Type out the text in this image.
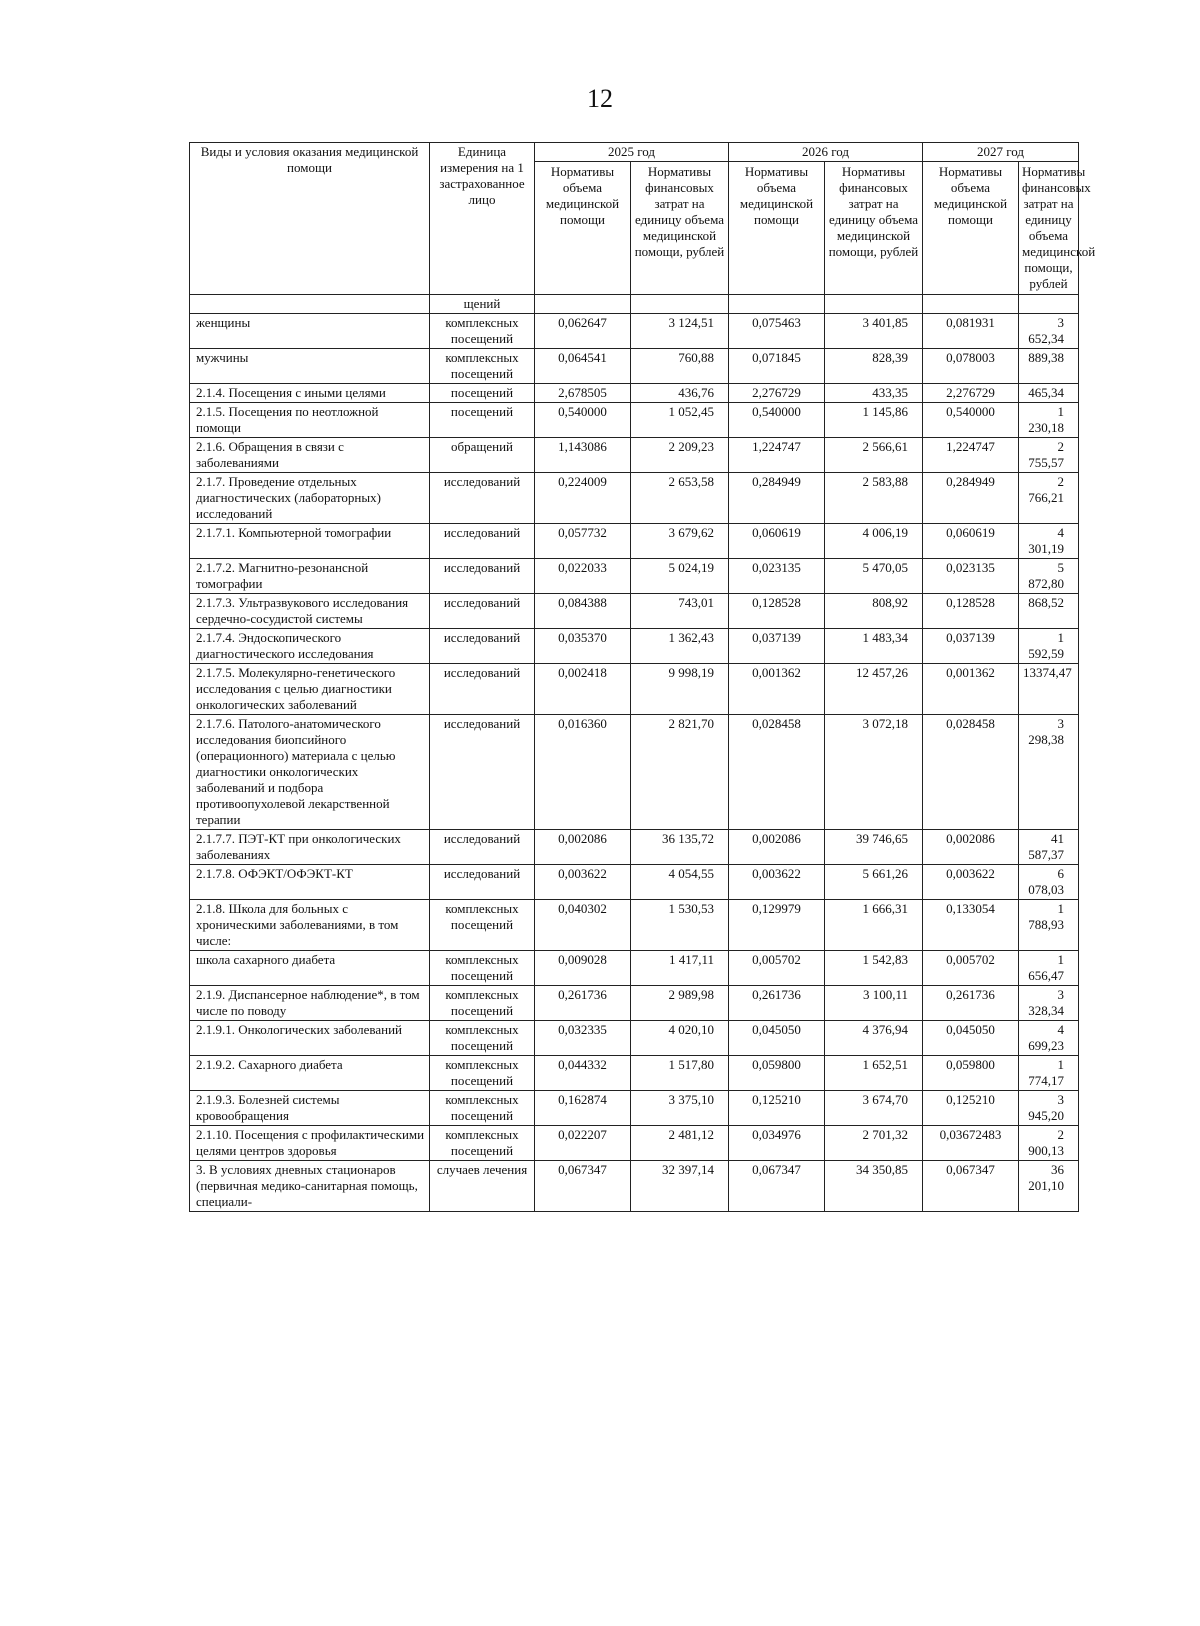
12
Виды и условия оказания медицинской помощи	Единица измерения на 1 застрахованное лицо	2025 год		2026 год		2027 год	
		Нормативы объема медицинской помощи	Нормативы финансовых затрат на единицу объема медицинской помощи, рублей	Нормативы объема медицинской помощи	Нормативы финансовых затрат на единицу объема медицинской помощи, рублей	Нормативы объема медицинской помощи	Нормативы финансовых затрат на единицу объема медицинской помощи, рублей
	щений						
женщины	комплексных посещений	0,062647	3 124,51	0,075463	3 401,85	0,081931	3 652,34
мужчины	комплексных посещений	0,064541	760,88	0,071845	828,39	0,078003	889,38
2.1.4. Посещения с иными целями	посещений	2,678505	436,76	2,276729	433,35	2,276729	465,34
2.1.5. Посещения по неотложной помощи	посещений	0,540000	1 052,45	0,540000	1 145,86	0,540000	1 230,18
2.1.6. Обращения в связи с заболеваниями	обращений	1,143086	2 209,23	1,224747	2 566,61	1,224747	2 755,57
2.1.7. Проведение отдельных диагностических (лабораторных) исследований	исследований	0,224009	2 653,58	0,284949	2 583,88	0,284949	2 766,21
2.1.7.1. Компьютерной томографии	исследований	0,057732	3 679,62	0,060619	4 006,19	0,060619	4 301,19
2.1.7.2. Магнитно-резонансной томографии	исследований	0,022033	5 024,19	0,023135	5 470,05	0,023135	5 872,80
2.1.7.3. Ультразвукового исследования сердечно-сосудистой системы	исследований	0,084388	743,01	0,128528	808,92	0,128528	868,52
2.1.7.4. Эндоскопического диагностического исследования	исследований	0,035370	1 362,43	0,037139	1 483,34	0,037139	1 592,59
2.1.7.5. Молекулярно-генетического исследования с целью диагностики онкологических заболеваний	исследований	0,002418	9 998,19	0,001362	12 457,26	0,001362	13374,47
2.1.7.6. Патолого-анатомического исследования биопсийного (операционного) материала с целью диагностики онкологических заболеваний и подбора противоопухолевой лекарственной терапии	исследований	0,016360	2 821,70	0,028458	3 072,18	0,028458	3 298,38
2.1.7.7. ПЭТ-КТ при онкологических заболеваниях	исследований	0,002086	36 135,72	0,002086	39 746,65	0,002086	41 587,37
2.1.7.8. ОФЭКТ/ОФЭКТ-КТ	исследований	0,003622	4 054,55	0,003622	5 661,26	0,003622	6 078,03
2.1.8. Школа для больных с хроническими заболеваниями, в том числе:	комплексных посещений	0,040302	1 530,53	0,129979	1 666,31	0,133054	1 788,93
школа сахарного диабета	комплексных посещений	0,009028	1 417,11	0,005702	1 542,83	0,005702	1 656,47
2.1.9. Диспансерное наблюдение*, в том числе по поводу	комплексных посещений	0,261736	2 989,98	0,261736	3 100,11	0,261736	3 328,34
2.1.9.1. Онкологических заболеваний	комплексных посещений	0,032335	4 020,10	0,045050	4 376,94	0,045050	4 699,23
2.1.9.2. Сахарного диабета	комплексных посещений	0,044332	1 517,80	0,059800	1 652,51	0,059800	1 774,17
2.1.9.3. Болезней системы кровообращения	комплексных посещений	0,162874	3 375,10	0,125210	3 674,70	0,125210	3 945,20
2.1.10. Посещения с профилактическими целями центров здоровья	комплексных посещений	0,022207	2 481,12	0,034976	2 701,32	0,03672483	2 900,13
3. В условиях дневных стационаров (первичная медико-санитарная помощь, специали-	случаев лечения	0,067347	32 397,14	0,067347	34 350,85	0,067347	36 201,10
